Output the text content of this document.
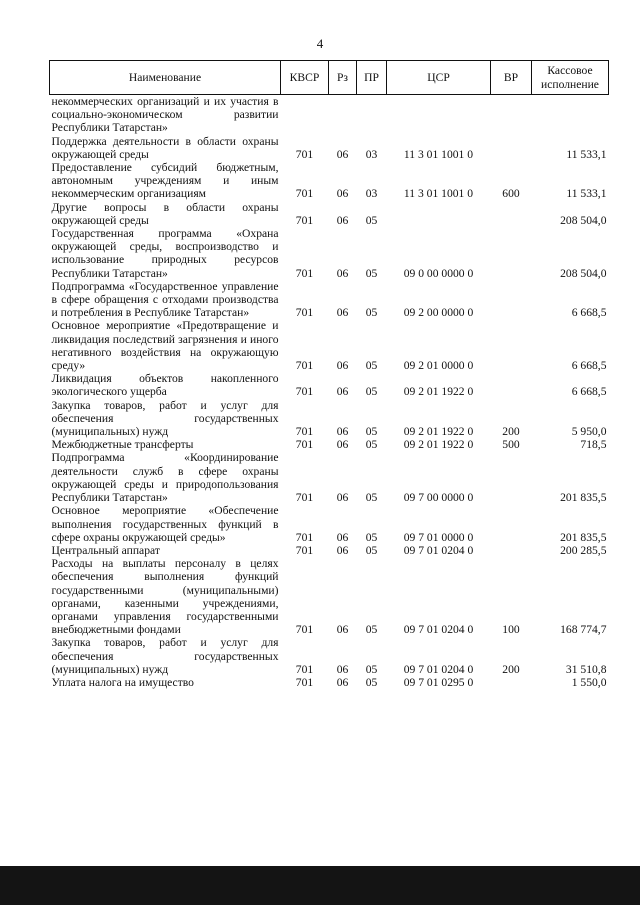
4
Наименование	КВСР	Рз	ПР	ЦСР	ВР	Кассовое исполнение
некоммерческих организаций и их участия в социально-экономическом развитии Республики Татарстан»						
Поддержка деятельности в области охраны окружающей среды	701	06	03	11 3 01 1001 0		11 533,1
Предоставление субсидий бюджетным, автономным учреждениям и иным некоммерческим организациям	701	06	03	11 3 01 1001 0	600	11 533,1
Другие вопросы в области охраны окружающей среды	701	06	05			208 504,0
Государственная программа «Охрана окружающей среды, воспроизводство и использование природных ресурсов Республики Татарстан»	701	06	05	09 0 00 0000 0		208 504,0
Подпрограмма «Государственное управление в сфере обращения с отходами производства и потребления в Республике Татарстан»	701	06	05	09 2 00 0000 0		6 668,5
Основное мероприятие «Предотвращение и ликвидация последствий загрязнения и иного негативного воздействия на окружающую среду»	701	06	05	09 2 01 0000 0		6 668,5
Ликвидация объектов накопленного экологического ущерба	701	06	05	09 2 01 1922 0		6 668,5
Закупка товаров, работ и услуг для обеспечения государственных (муниципальных) нужд	701	06	05	09 2 01 1922 0	200	5 950,0
Межбюджетные трансферты	701	06	05	09 2 01 1922 0	500	718,5
Подпрограмма «Координирование деятельности служб в сфере охраны окружающей среды и природопользования Республики Татарстан»	701	06	05	09 7 00 0000 0		201 835,5
Основное мероприятие «Обеспечение выполнения государственных функций в сфере охраны окружающей среды»	701	06	05	09 7 01 0000 0		201 835,5
Центральный аппарат	701	06	05	09 7 01 0204 0		200 285,5
Расходы на выплаты персоналу в целях обеспечения выполнения функций государственными (муниципальными) органами, казенными учреждениями, органами управления государственными внебюджетными фондами	701	06	05	09 7 01 0204 0	100	168 774,7
Закупка товаров, работ и услуг для обеспечения государственных (муниципальных) нужд	701	06	05	09 7 01 0204 0	200	31 510,8
Уплата налога на имущество	701	06	05	09 7 01 0295 0		1 550,0
